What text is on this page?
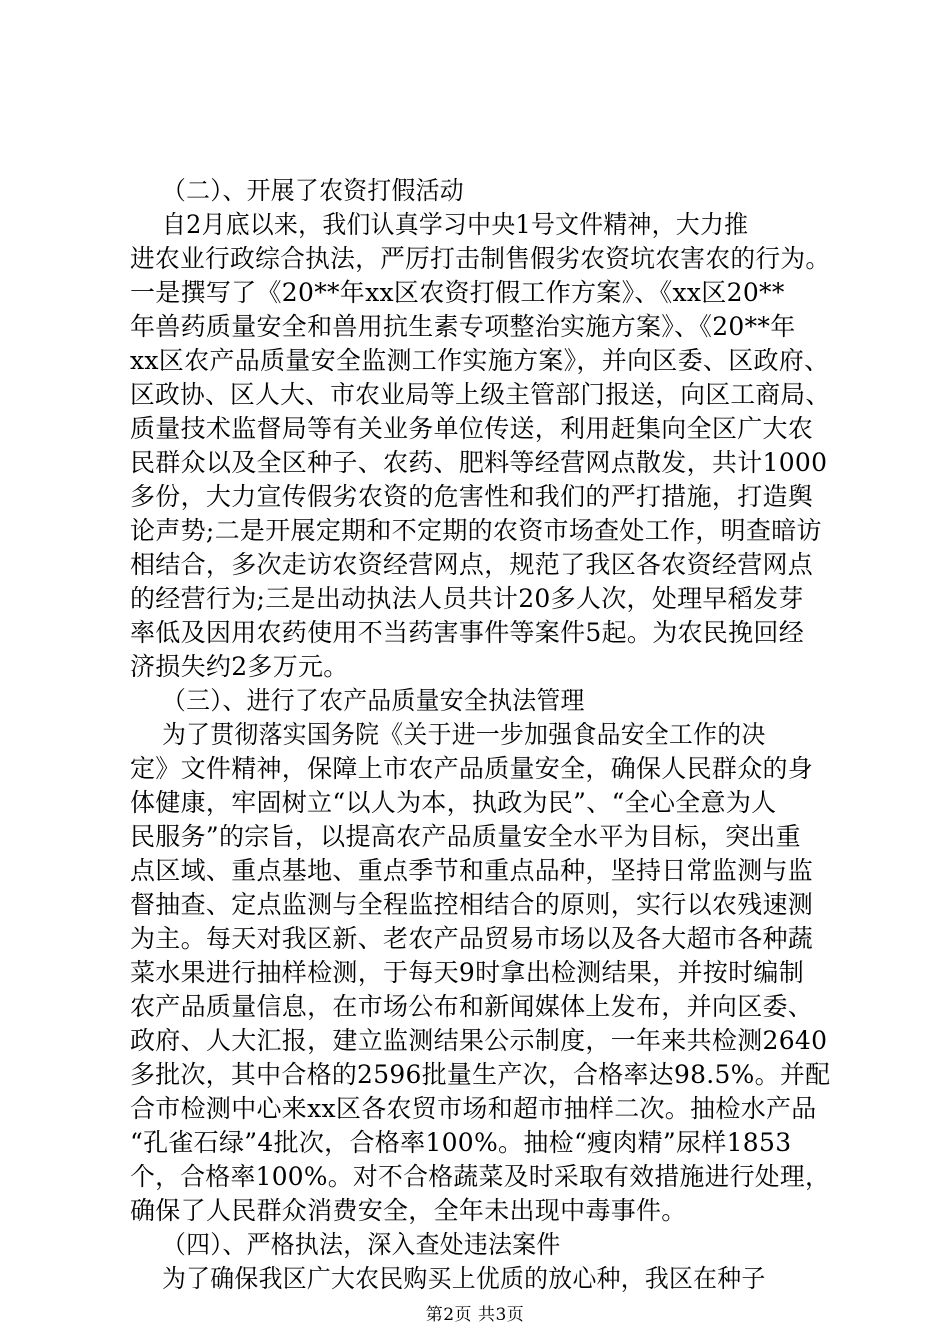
（二）、开展了农资打假活动
自2月底以来，我们认真学习中央1号文件精神，大力推
进农业行政综合执法，严厉打击制售假劣农资坑农害农的行为。
一是撰写了《20**年xx区农资打假工作方案》、《xx区20**
年兽药质量安全和兽用抗生素专项整治实施方案》、《20**年
xx区农产品质量安全监测工作实施方案》，并向区委、区政府、
区政协、区人大、市农业局等上级主管部门报送，向区工商局、
质量技术监督局等有关业务单位传送，利用赶集向全区广大农
民群众以及全区种子、农药、肥料等经营网点散发，共计1000
多份，大力宣传假劣农资的危害性和我们的严打措施，打造舆
论声势;二是开展定期和不定期的农资市场查处工作，明查暗访
相结合，多次走访农资经营网点，规范了我区各农资经营网点
的经营行为;三是出动执法人员共计20多人次，处理早稻发芽
率低及因用农药使用不当药害事件等案件5起。为农民挽回经
济损失约2多万元。
（三）、进行了农产品质量安全执法管理
为了贯彻落实国务院《关于进一步加强食品安全工作的决
定》文件精神，保障上市农产品质量安全，确保人民群众的身
体健康，牢固树立“以人为本，执政为民”、“全心全意为人
民服务”的宗旨，以提高农产品质量安全水平为目标，突出重
点区域、重点基地、重点季节和重点品种，坚持日常监测与监
督抽查、定点监测与全程监控相结合的原则，实行以农残速测
为主。每天对我区新、老农产品贸易市场以及各大超市各种蔬
菜水果进行抽样检测，于每天9时拿出检测结果，并按时编制
农产品质量信息，在市场公布和新闻媒体上发布，并向区委、
政府、人大汇报，建立监测结果公示制度，一年来共检测2640
多批次，其中合格的2596批量生产次，合格率达98.5%。并配
合市检测中心来xx区各农贸市场和超市抽样二次。抽检水产品
“孔雀石绿”4批次，合格率100%。抽检“瘦肉精”尿样1853
个，合格率100%。对不合格蔬菜及时采取有效措施进行处理，
确保了人民群众消费安全，全年未出现中毒事件。
（四）、严格执法，深入查处违法案件
为了确保我区广大农民购买上优质的放心种，我区在种子
第2页 共3页
